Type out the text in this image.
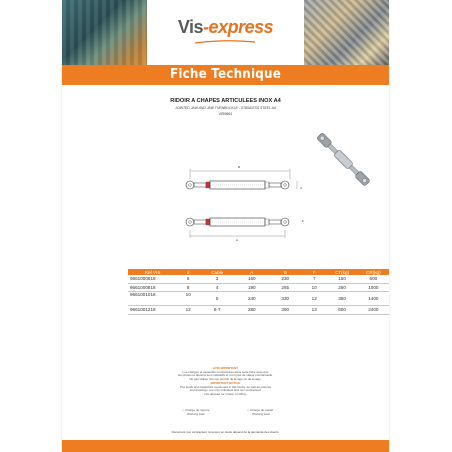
Vis-express
Fiche Technique
RIDOIR A CHAPES ARTICULEES INOX A4
JOINTED JAW AND JAW TURNBUCKLE - STAINLESS STEEL A4
VIS9661
B
d
A
F
Ref VIS	d	Cable	A	B	F	CT(kg)	CR(kg)
9661000618	6	3	160	230	7	150	600
9661000818	8	4	190	265	10	250	1000
9661001018	10	5	240	330	12	350	1400
9661001218	12	6-7	280	390	13	600	2400
AVIS IMPORTANT
Les charges et capacités mentionnées dans cette fiche ainsi que
les photos et dessins sont indicatifs et n'ont pas de valeur contractuelle.
Ne pas utiliser comme produit de levage ou de levage.
IMPORTANT NOTICE
The loads and capacities mentioned in this family, as well as pictures
and drawings, are only indicative and non-contractual.
Not allowed for motion or lifting.
◇ Charge de rupture
Working load
◇ Charge de travail
Working load
Document non contractuel, la teneur en stock dépend de la demande des clients.
